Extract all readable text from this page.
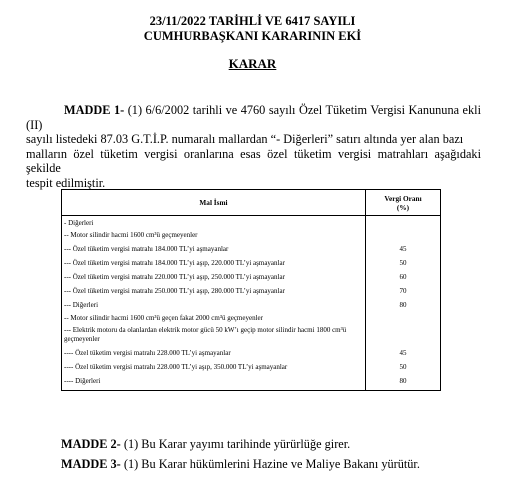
23/11/2022 TARİHLİ VE 6417 SAYILI
CUMHURBAŞKANI KARARININ EKİ
KARAR
MADDE 1- (1) 6/6/2002 tarihli ve 4760 sayılı Özel Tüketim Vergisi Kanununa ekli (II)
sayılı listedeki 87.03 G.T.İ.P. numaralı mallardan “- Diğerleri” satırı altında yer alan bazı
malların özel tüketim vergisi oranlarına esas özel tüketim vergisi matrahları aşağıdaki şekilde
tespit edilmiştir.
Mal İsmi	Vergi Oranı
(%)

- Diğerleri	
-- Motor silindir hacmi 1600 cm³ü geçmeyenler	
--- Özel tüketim vergisi matrahı 184.000 TL’yi aşmayanlar	45
--- Özel tüketim vergisi matrahı 184.000 TL’yi aşıp, 220.000 TL’yi aşmayanlar	50
--- Özel tüketim vergisi matrahı 220.000 TL’yi aşıp, 250.000 TL’yi aşmayanlar	60
--- Özel tüketim vergisi matrahı 250.000 TL’yi aşıp, 280.000 TL’yi aşmayanlar	70
--- Diğerleri	80
-- Motor silindir hacmi 1600 cm³ü geçen fakat 2000 cm³ü geçmeyenler	
--- Elektrik motoru da olanlardan elektrik motor gücü 50 kW’ı geçip motor silindir hacmi 1800 cm³ü geçmeyenler	
---- Özel tüketim vergisi matrahı 228.000 TL’yi aşmayanlar	45
---- Özel tüketim vergisi matrahı 228.000 TL’yi aşıp, 350.000 TL’yi aşmayanlar	50
---- Diğerleri	80
MADDE 2- (1) Bu Karar yayımı tarihinde yürürlüğe girer.
MADDE 3- (1) Bu Karar hükümlerini Hazine ve Maliye Bakanı yürütür.
